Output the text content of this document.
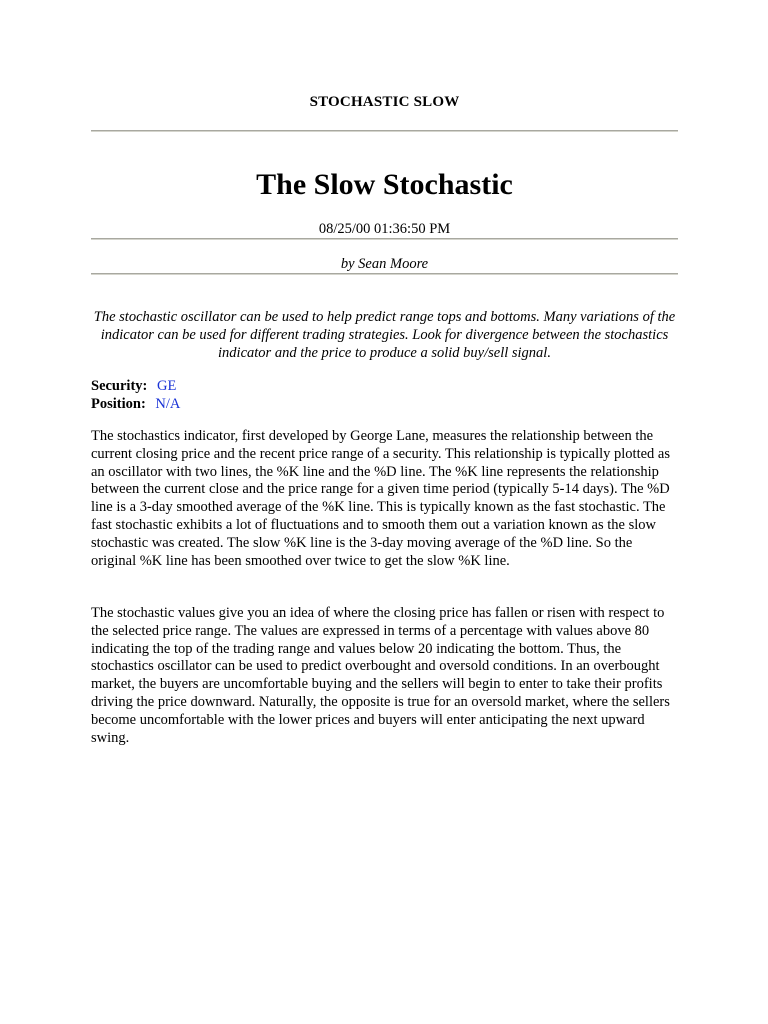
STOCHASTIC SLOW
The Slow Stochastic
08/25/00 01:36:50 PM
by Sean Moore
The stochastic oscillator can be used to help predict range tops and bottoms. Many variations of the indicator can be used for different trading strategies. Look for divergence between the stochastics indicator and the price to produce a solid buy/sell signal.
Security: GE
Position: N/A

The stochastics indicator, first developed by George Lane, measures the relationship between the current closing price and the recent price range of a security. This relationship is typically plotted as an oscillator with two lines, the %K line and the %D line. The %K line represents the relationship between the current close and the price range for a given time period (typically 5-14 days). The %D line is a 3-day smoothed average of the %K line. This is typically known as the fast stochastic. The fast stochastic exhibits a lot of fluctuations and to smooth them out a variation known as the slow stochastic was created. The slow %K line is the 3-day moving average of the %D line. So the original %K line has been smoothed over twice to get the slow %K line.

The stochastic values give you an idea of where the closing price has fallen or risen with respect to the selected price range. The values are expressed in terms of a percentage with values above 80 indicating the top of the trading range and values below 20 indicating the bottom. Thus, the stochastics oscillator can be used to predict overbought and oversold conditions. In an overbought market, the buyers are uncomfortable buying and the sellers will begin to enter to take their profits driving the price downward. Naturally, the opposite is true for an oversold market, where the sellers become uncomfortable with the lower prices and buyers will enter anticipating the next upward swing.
